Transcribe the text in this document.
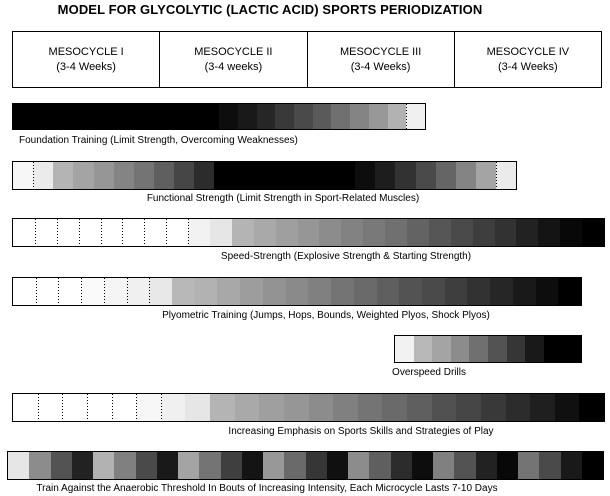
MODEL FOR GLYCOLYTIC (LACTIC ACID) SPORTS PERIODIZATION
MESOCYCLE I
(3-4 Weeks)
MESOCYCLE II
(3-4 weeks)
MESOCYCLE III
(3-4 Weeks)
MESOCYCLE IV
(3-4 Weeks)
Foundation Training (Limit Strength, Overcoming Weaknesses)
Functional Strength (Limit Strength in Sport-Related Muscles)
Speed-Strength (Explosive Strength & Starting Strength)
Plyometric Training (Jumps, Hops, Bounds, Weighted Plyos, Shock Plyos)
Overspeed Drills
Increasing Emphasis on Sports Skills and Strategies of Play
Train Against the Anaerobic Threshold In Bouts of Increasing Intensity, Each Microcycle Lasts 7-10 Days
